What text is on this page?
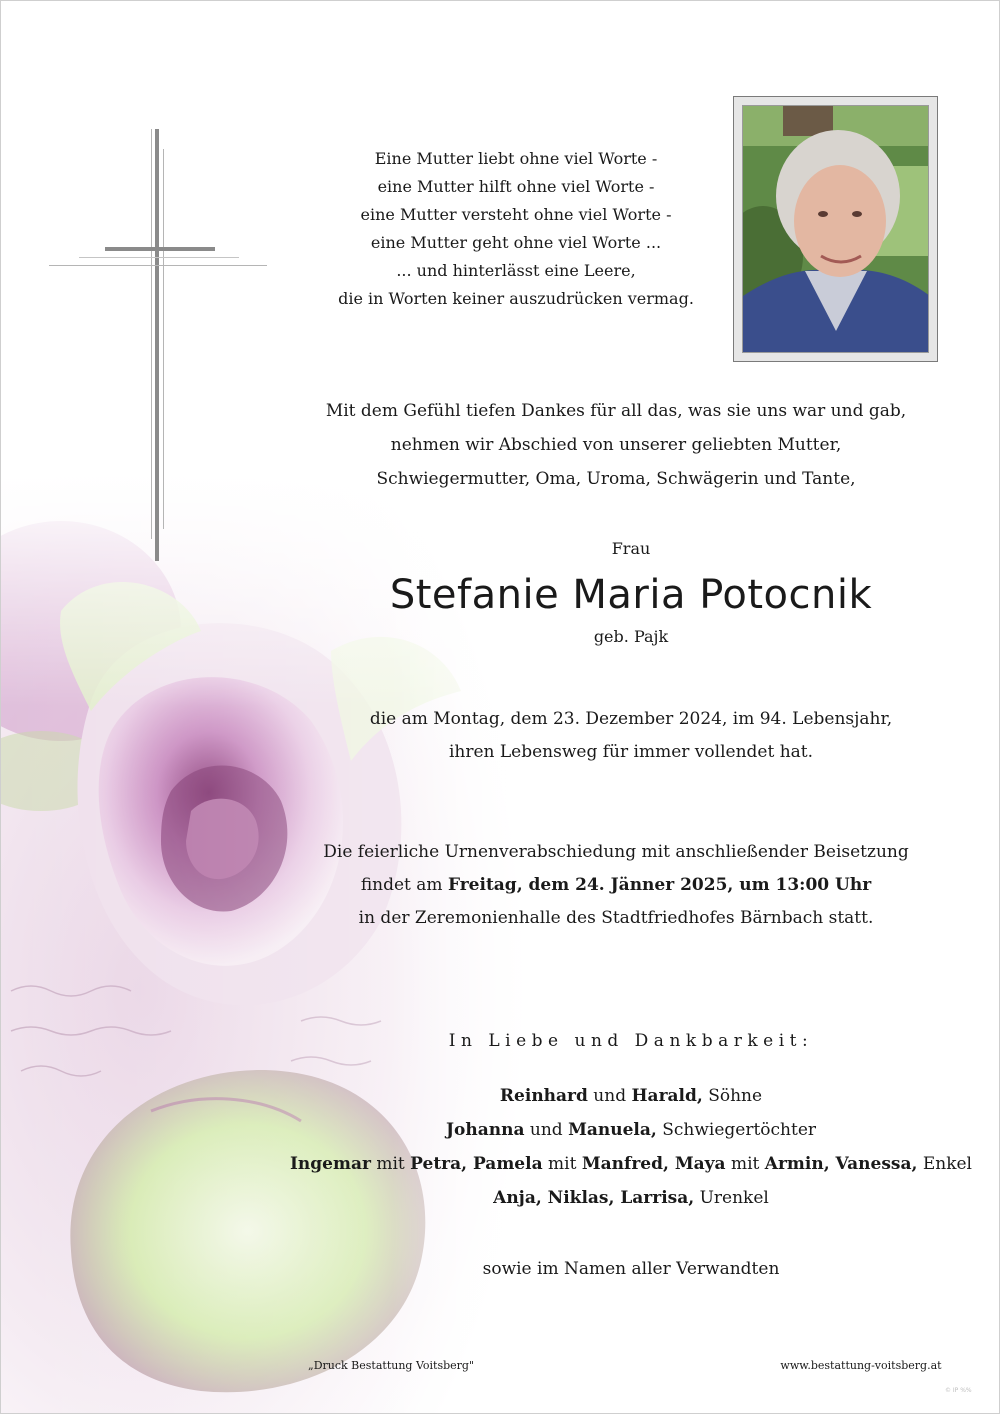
Eine Mutter liebt ohne viel Worte -
eine Mutter hilft ohne viel Worte -
eine Mutter versteht ohne viel Worte -
eine Mutter geht ohne viel Worte ...
... und hinterlässt eine Leere,
die in Worten keiner auszudrücken vermag.
Mit dem Gefühl tiefen Dankes für all das, was sie uns war und gab,
nehmen wir Abschied von unserer geliebten Mutter,
Schwiegermutter, Oma, Uroma, Schwägerin und Tante,
Frau
Stefanie Maria Potocnik
geb. Pajk
die am Montag, dem 23. Dezember 2024, im 94. Lebensjahr,
ihren Lebensweg für immer vollendet hat.
Die feierliche Urnenverabschiedung mit anschließender Beisetzung
findet am Freitag, dem 24. Jänner 2025, um 13:00 Uhr
in der Zeremonienhalle des Stadtfriedhofes Bärnbach statt.
In Liebe und Dankbarkeit:
Reinhard und Harald, Söhne
Johanna und Manuela, Schwiegertöchter
Ingemar mit Petra, Pamela mit Manfred, Maya mit Armin, Vanessa, Enkel
Anja, Niklas, Larrisa, Urenkel
sowie im Namen aller Verwandten
„Druck Bestattung Voitsberg"	www.bestattung-voitsberg.at
© IP %%
